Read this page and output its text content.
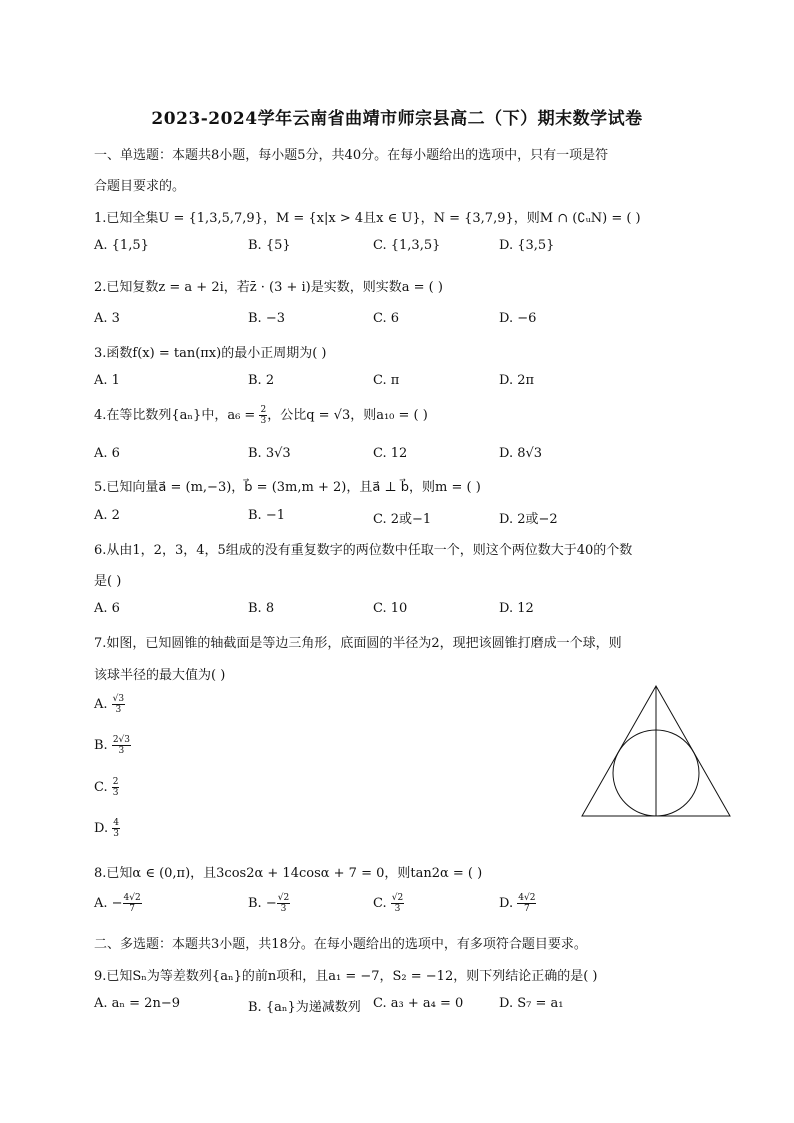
2023-2024学年云南省曲靖市师宗县高二（下）期末数学试卷
一、单选题：本题共8小题，每小题5分，共40分。在每小题给出的选项中，只有一项是符
合题目要求的。
1.已知全集U = {1,3,5,7,9}，M = {x|x > 4且x ∈ U}，N = {3,7,9}，则M ∩ (∁ᵤN) = ( )
A. {1,5}	B. {5}	C. {1,3,5}	D. {3,5}
2.已知复数z = a + 2i，若z̄ · (3 + i)是实数，则实数a = ( )
A. 3	B. −3	C. 6	D. −6
3.函数f(x) = tan(πx)的最小正周期为( )
A. 1	B. 2	C. π	D. 2π
4.在等比数列{aₙ}中，$a_6 = \frac{2}{3}$ ，公比q = √3，则a₁₀ = ( )
A. 6	B. 3√3	C. 12	D. 8√3
5.已知向量a⃗ = (m,−3)，b⃗ = (3m,m + 2)，且a⃗ ⊥ b⃗，则m = ( )
A. 2	B. −1	C. 2或−1	D. 2或−2
6.从由1，2，3，4，5组成的没有重复数字的两位数中任取一个，则这个两位数大于40的个数
是( )
A. 6	B. 8	C. 10	D. 12
7.如图，已知圆锥的轴截面是等边三角形，底面圆的半径为2，现把该圆锥打磨成一个球，则
该球半径的最大值为( )
A. $\frac{√3}{3}$
B. $\frac{2√3}{3}$
C. $\frac{2}{3}$
D. $\frac{4}{3}$
8.已知α ∈ (0,π)，且3cos2α + 14cosα + 7 = 0，则tan2α = ( )
A. − $\frac{4√2}{7}$	B. − $\frac{√2}{3}$	C. $\frac{√2}{3}$	D. $\frac{4√2}{7}$
二、多选题：本题共3小题，共18分。在每小题给出的选项中，有多项符合题目要求。
9.已知Sₙ为等差数列{aₙ}的前n项和，且a₁ = −7，S₂ = −12，则下列结论正确的是( )
A. aₙ = 2n−9	B. {aₙ}为递减数列 C. a₃ + a₄ = 0	D. S₇ = a₁
